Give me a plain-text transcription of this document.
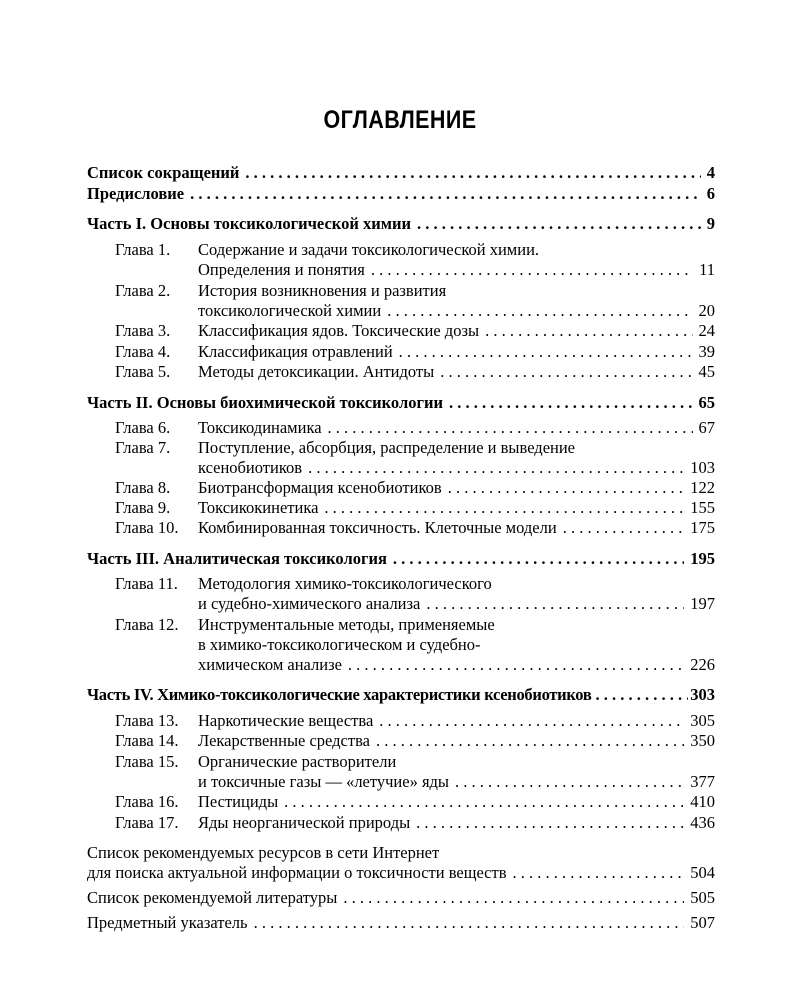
ОГЛАВЛЕНИЕ
Список сокращений . . .	4
Предисловие . . .	6
Часть I. Основы токсикологической химии . . .	9
Глава 1. Содержание и задачи токсикологической химии.
Определения и понятия . . .	11
Глава 2. История возникновения и развития
токсикологической химии . . .	20
Глава 3. Классификация ядов. Токсические дозы . . .	24
Глава 4. Классификация отравлений . . .	39
Глава 5. Методы детоксикации. Антидоты . . .	45
Часть II. Основы биохимической токсикологии . . .	65
Глава 6. Токсикодинамика . . .	67
Глава 7. Поступление, абсорбция, распределение и выведение
ксенобиотиков . . .	103
Глава 8. Биотрансформация ксенобиотиков . . .	122
Глава 9. Токсикокинетика . . .	155
Глава 10. Комбинированная токсичность. Клеточные модели . . .	175
Часть III. Аналитическая токсикология . . .	195
Глава 11. Методология химико-токсикологического
и судебно-химического анализа . . .	197
Глава 12. Инструментальные методы, применяемые
в химико-токсикологическом и судебно-
химическом анализе . . .	226
Часть IV. Химико-токсикологические характеристики ксенобиотиков . . .	303
Глава 13. Наркотические вещества . . .	305
Глава 14. Лекарственные средства . . .	350
Глава 15. Органические растворители
и токсичные газы — «летучие» яды . . .	377
Глава 16. Пестициды . . .	410
Глава 17. Яды неорганической природы . . .	436
Список рекомендуемых ресурсов в сети Интернет
для поиска актуальной информации о токсичности веществ . . .	504
Список рекомендуемой литературы . . .	505
Предметный указатель . . .	507
